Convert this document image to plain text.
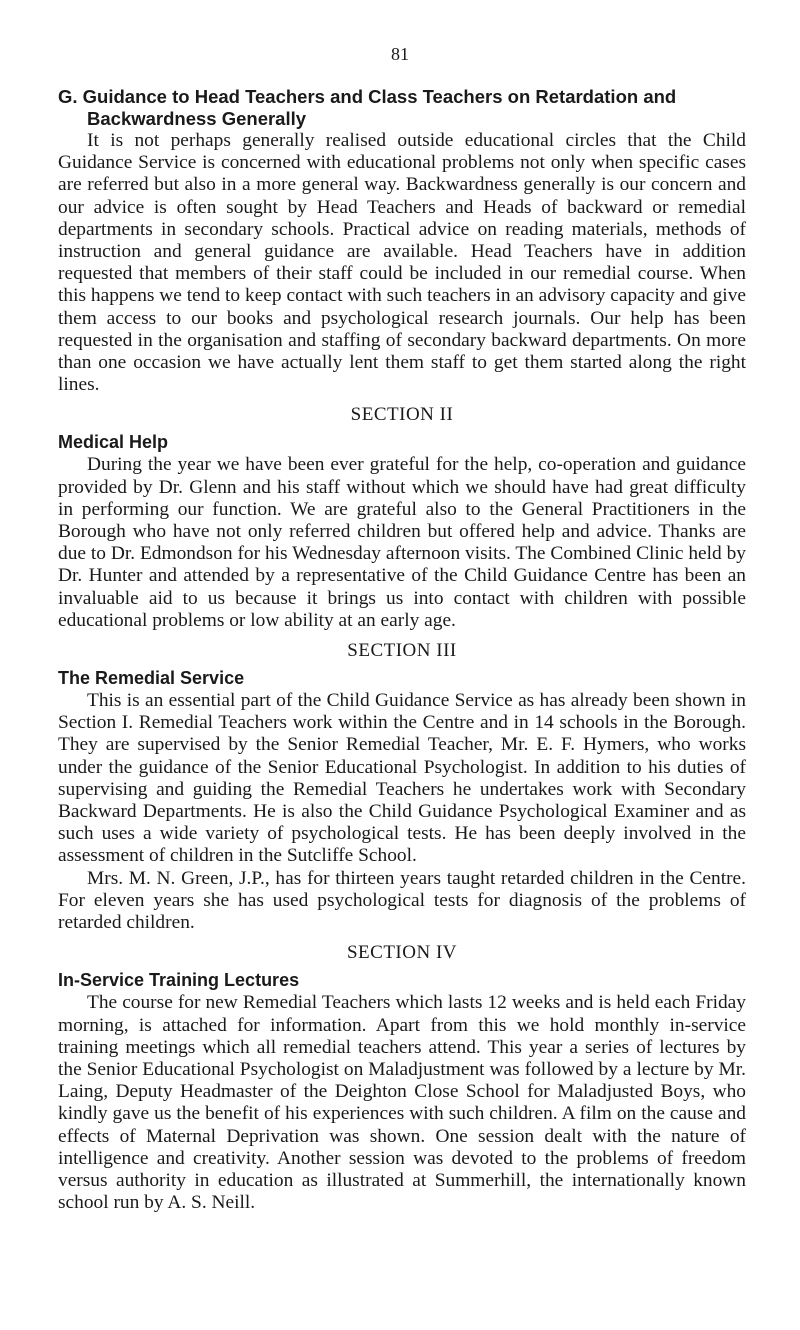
81
G. Guidance to Head Teachers and Class Teachers on Retardation and
Backwardness Generally

It is not perhaps generally realised outside educational circles that the Child Guidance Service is concerned with educational problems not only when specific cases are referred but also in a more general way. Backwardness generally is our concern and our advice is often sought by Head Teachers and Heads of backward or remedial departments in secondary schools. Practical advice on reading materials, methods of instruction and general guidance are available. Head Teachers have in addition requested that members of their staff could be included in our remedial course. When this happens we tend to keep contact with such teachers in an advisory capacity and give them access to our books and psychological research journals. Our help has been requested in the organisation and staffing of secondary backward departments. On more than one occasion we have actually lent them staff to get them started along the right lines.

SECTION II
Medical Help

During the year we have been ever grateful for the help, co-operation and guidance provided by Dr. Glenn and his staff without which we should have had great difficulty in performing our function. We are grateful also to the General Practitioners in the Borough who have not only referred children but offered help and advice. Thanks are due to Dr. Edmondson for his Wednesday afternoon visits. The Combined Clinic held by Dr. Hunter and attended by a representative of the Child Guidance Centre has been an invaluable aid to us because it brings us into contact with children with possible educational problems or low ability at an early age.

SECTION III
The Remedial Service

This is an essential part of the Child Guidance Service as has already been shown in Section I. Remedial Teachers work within the Centre and in 14 schools in the Borough. They are supervised by the Senior Remedial Teacher, Mr. E. F. Hymers, who works under the guidance of the Senior Educational Psychologist. In addition to his duties of supervising and guiding the Remedial Teachers he undertakes work with Secondary Backward Departments. He is also the Child Guidance Psychological Examiner and as such uses a wide variety of psychological tests. He has been deeply involved in the assessment of children in the Sutcliffe School.

Mrs. M. N. Green, J.P., has for thirteen years taught retarded children in the Centre. For eleven years she has used psychological tests for diagnosis of the problems of retarded children.

SECTION IV
In-Service Training Lectures

The course for new Remedial Teachers which lasts 12 weeks and is held each Friday morning, is attached for information. Apart from this we hold monthly in-service training meetings which all remedial teachers attend. This year a series of lectures by the Senior Educational Psychologist on Maladjustment was followed by a lecture by Mr. Laing, Deputy Headmaster of the Deighton Close School for Maladjusted Boys, who kindly gave us the benefit of his experiences with such children. A film on the cause and effects of Maternal Deprivation was shown. One session dealt with the nature of intelligence and creativity. Another session was devoted to the problems of freedom versus authority in education as illustrated at Summerhill, the internationally known school run by A. S. Neill.
